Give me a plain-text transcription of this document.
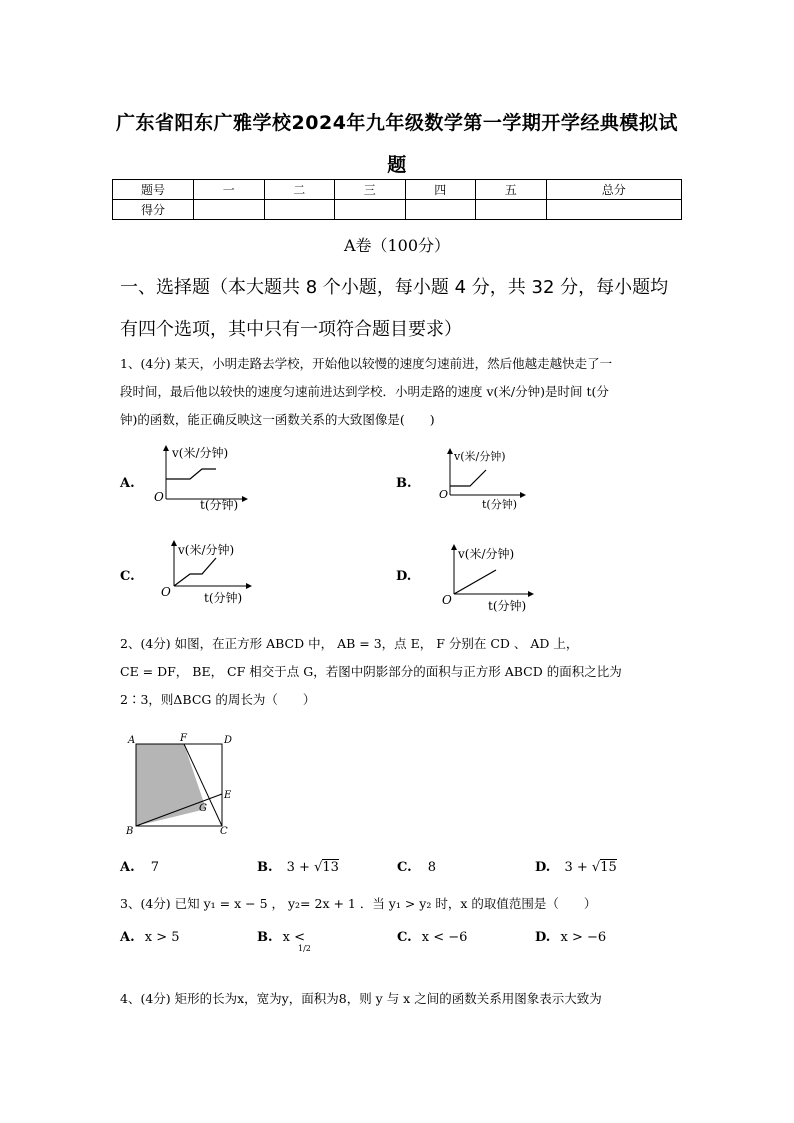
广东省阳东广雅学校2024年九年级数学第一学期开学经典模拟试
题
题号	一	二	三	四	五	总分
得分						
A卷（100分）
一、选择题（本大题共 8 个小题，每小题 4 分，共 32 分，每小题均
有四个选项，其中只有一项符合题目要求）
1、(4分) 某天，小明走路去学校，开始他以较慢的速度匀速前进，然后他越走越快走了一
段时间，最后他以较快的速度匀速前进达到学校．小明走路的速度 v(米/分钟)是时间 t(分
钟)的函数，能正确反映这一函数关系的大致图像是(　　)
A.
v(米/分钟)
O
t(分钟)
B.
v(米/分钟)
O
t(分钟)
C.
v(米/分钟)
O	t(分钟)
D.
v(米/分钟)
O	t(分钟)
2、(4分) 如图，在正方形 ABCD 中， AB = 3，点 E， F 分别在 CD 、 AD 上，
CE = DF， BE， CF 相交于点 G，若图中阴影部分的面积与正方形 ABCD 的面积之比为
2∶3，则ΔBCG 的周长为（　　）
A	F	D
E
G
B	C
A. 7	B. 3 + √13	C. 8	D. 3 + √15
3、(4分) 已知 y₁ = x − 5 ， y₂= 2x + 1 ．当 y₁ > y₂ 时，x 的取值范围是（　　）
A. x > 5	B. x <
1/2
C. x < −6	D. x > −6
4、(4分) 矩形的长为x，宽为y，面积为8，则 y 与 x 之间的函数关系用图象表示大致为
